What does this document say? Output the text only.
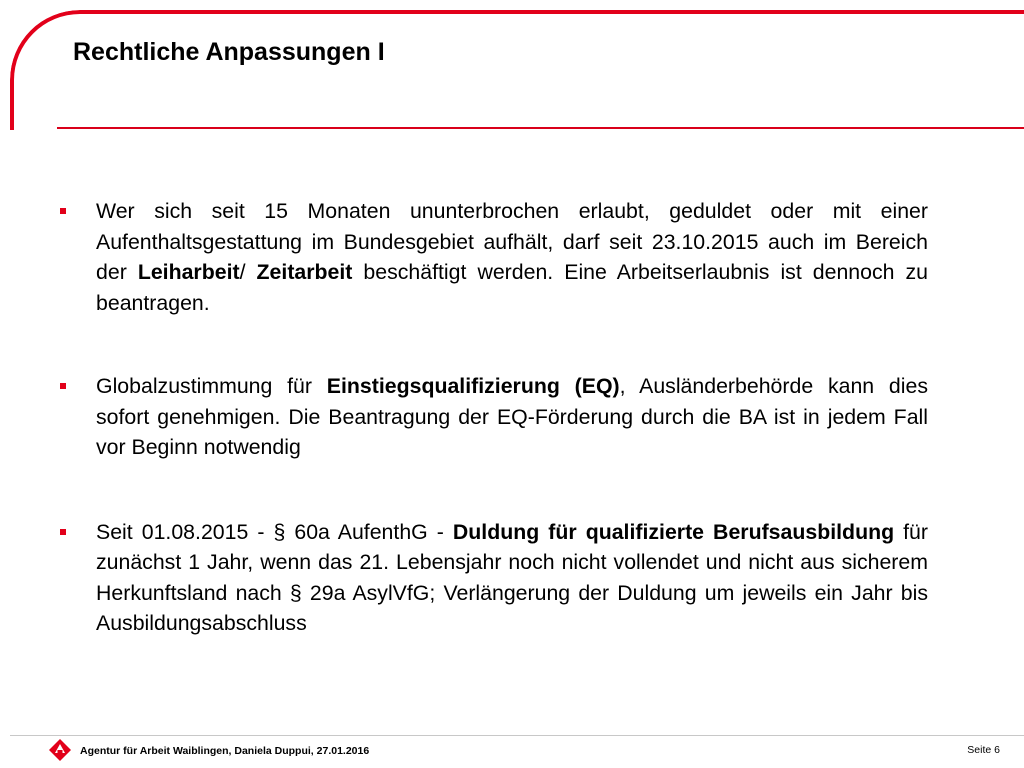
Rechtliche Anpassungen I
Wer sich seit 15 Monaten ununterbrochen erlaubt, geduldet oder mit einer Aufenthaltsgestattung im Bundesgebiet aufhält, darf seit 23.10.2015 auch im Bereich der Leiharbeit/ Zeitarbeit beschäftigt werden. Eine Arbeitserlaubnis ist dennoch zu beantragen.
Globalzustimmung für Einstiegsqualifizierung (EQ), Ausländerbehörde kann dies sofort genehmigen. Die Beantragung der EQ-Förderung durch die BA ist in jedem Fall vor Beginn notwendig
Seit 01.08.2015 - § 60a AufenthG - Duldung für qualifizierte Berufsausbildung für zunächst 1 Jahr, wenn das 21. Lebensjahr noch nicht vollendet und nicht aus sicherem Herkunftsland nach § 29a AsylVfG; Verlängerung der Duldung um jeweils ein Jahr bis Ausbildungsabschluss
Agentur für Arbeit Waiblingen, Daniela Duppui, 27.01.2016	Seite 6
